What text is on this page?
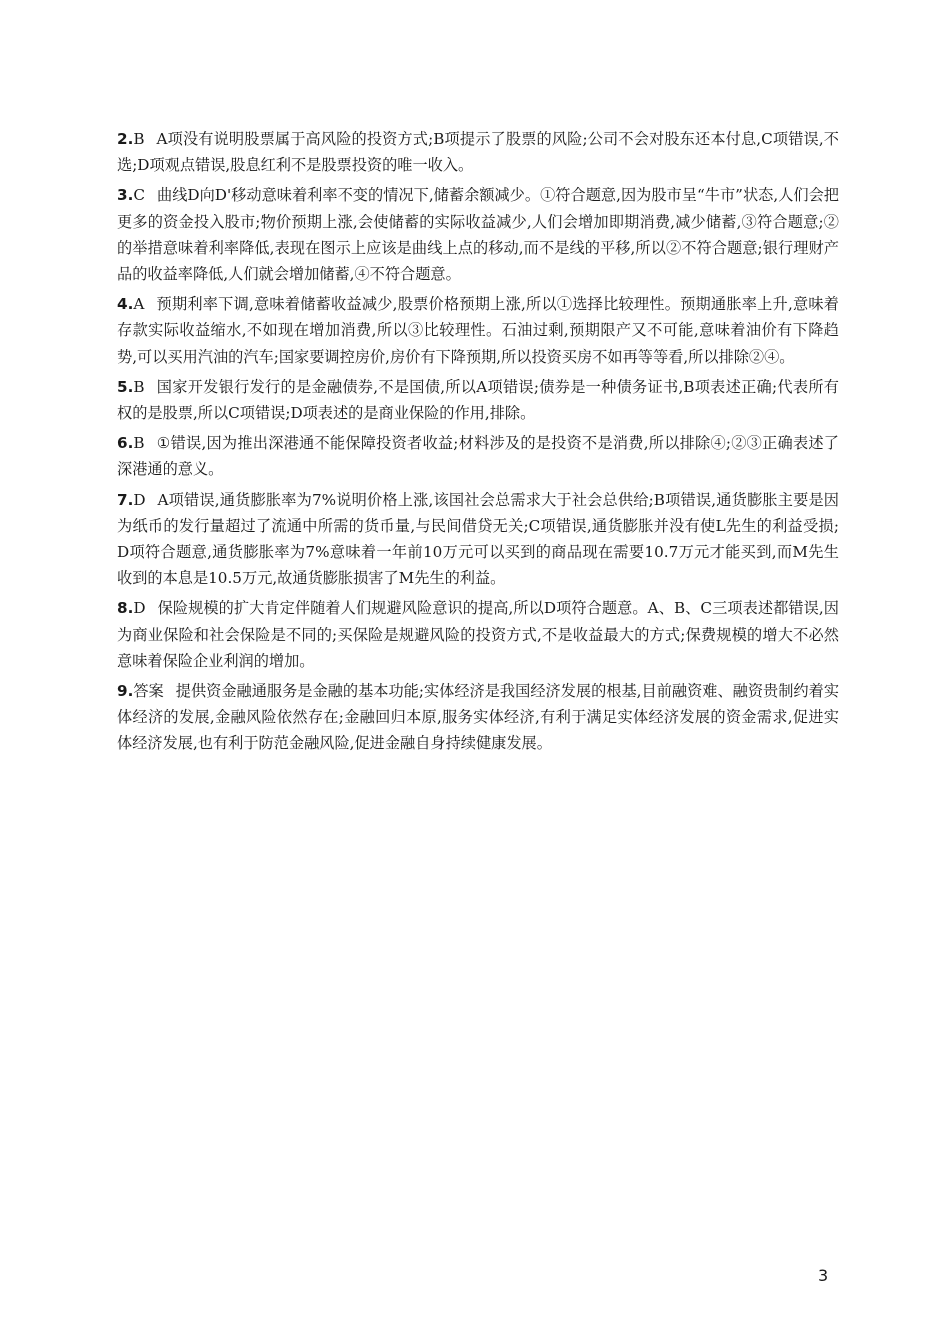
2.B A项没有说明股票属于高风险的投资方式;B项提示了股票的风险;公司不会对股东还本付息,C项错误,不选;D项观点错误,股息红利不是股票投资的唯一收入。

3.C 曲线D向D'移动意味着利率不变的情况下,储蓄余额减少。①符合题意,因为股市呈“牛市”状态,人们会把更多的资金投入股市;物价预期上涨,会使储蓄的实际收益减少,人们会增加即期消费,减少储蓄,③符合题意;②的举措意味着利率降低,表现在图示上应该是曲线上点的移动,而不是线的平移,所以②不符合题意;银行理财产品的收益率降低,人们就会增加储蓄,④不符合题意。

4.A 预期利率下调,意味着储蓄收益减少,股票价格预期上涨,所以①选择比较理性。预期通胀率上升,意味着存款实际收益缩水,不如现在增加消费,所以③比较理性。石油过剩,预期限产又不可能,意味着油价有下降趋势,可以买用汽油的汽车;国家要调控房价,房价有下降预期,所以投资买房不如再等等看,所以排除②④。

5.B 国家开发银行发行的是金融债券,不是国债,所以A项错误;债券是一种债务证书,B项表述正确;代表所有权的是股票,所以C项错误;D项表述的是商业保险的作用,排除。

6.B ①错误,因为推出深港通不能保障投资者收益;材料涉及的是投资不是消费,所以排除④;②③正确表述了深港通的意义。

7.D A项错误,通货膨胀率为7%说明价格上涨,该国社会总需求大于社会总供给;B项错误,通货膨胀主要是因为纸币的发行量超过了流通中所需的货币量,与民间借贷无关;C项错误,通货膨胀并没有使L先生的利益受损;D项符合题意,通货膨胀率为7%意味着一年前10万元可以买到的商品现在需要10.7万元才能买到,而M先生收到的本息是10.5万元,故通货膨胀损害了M先生的利益。

8.D 保险规模的扩大肯定伴随着人们规避风险意识的提高,所以D项符合题意。A、B、C三项表述都错误,因为商业保险和社会保险是不同的;买保险是规避风险的投资方式,不是收益最大的方式;保费规模的增大不必然意味着保险企业利润的增加。

9.答案 提供资金融通服务是金融的基本功能;实体经济是我国经济发展的根基,目前融资难、融资贵制约着实体经济的发展,金融风险依然存在;金融回归本原,服务实体经济,有利于满足实体经济发展的资金需求,促进实体经济发展,也有利于防范金融风险,促进金融自身持续健康发展。

3
